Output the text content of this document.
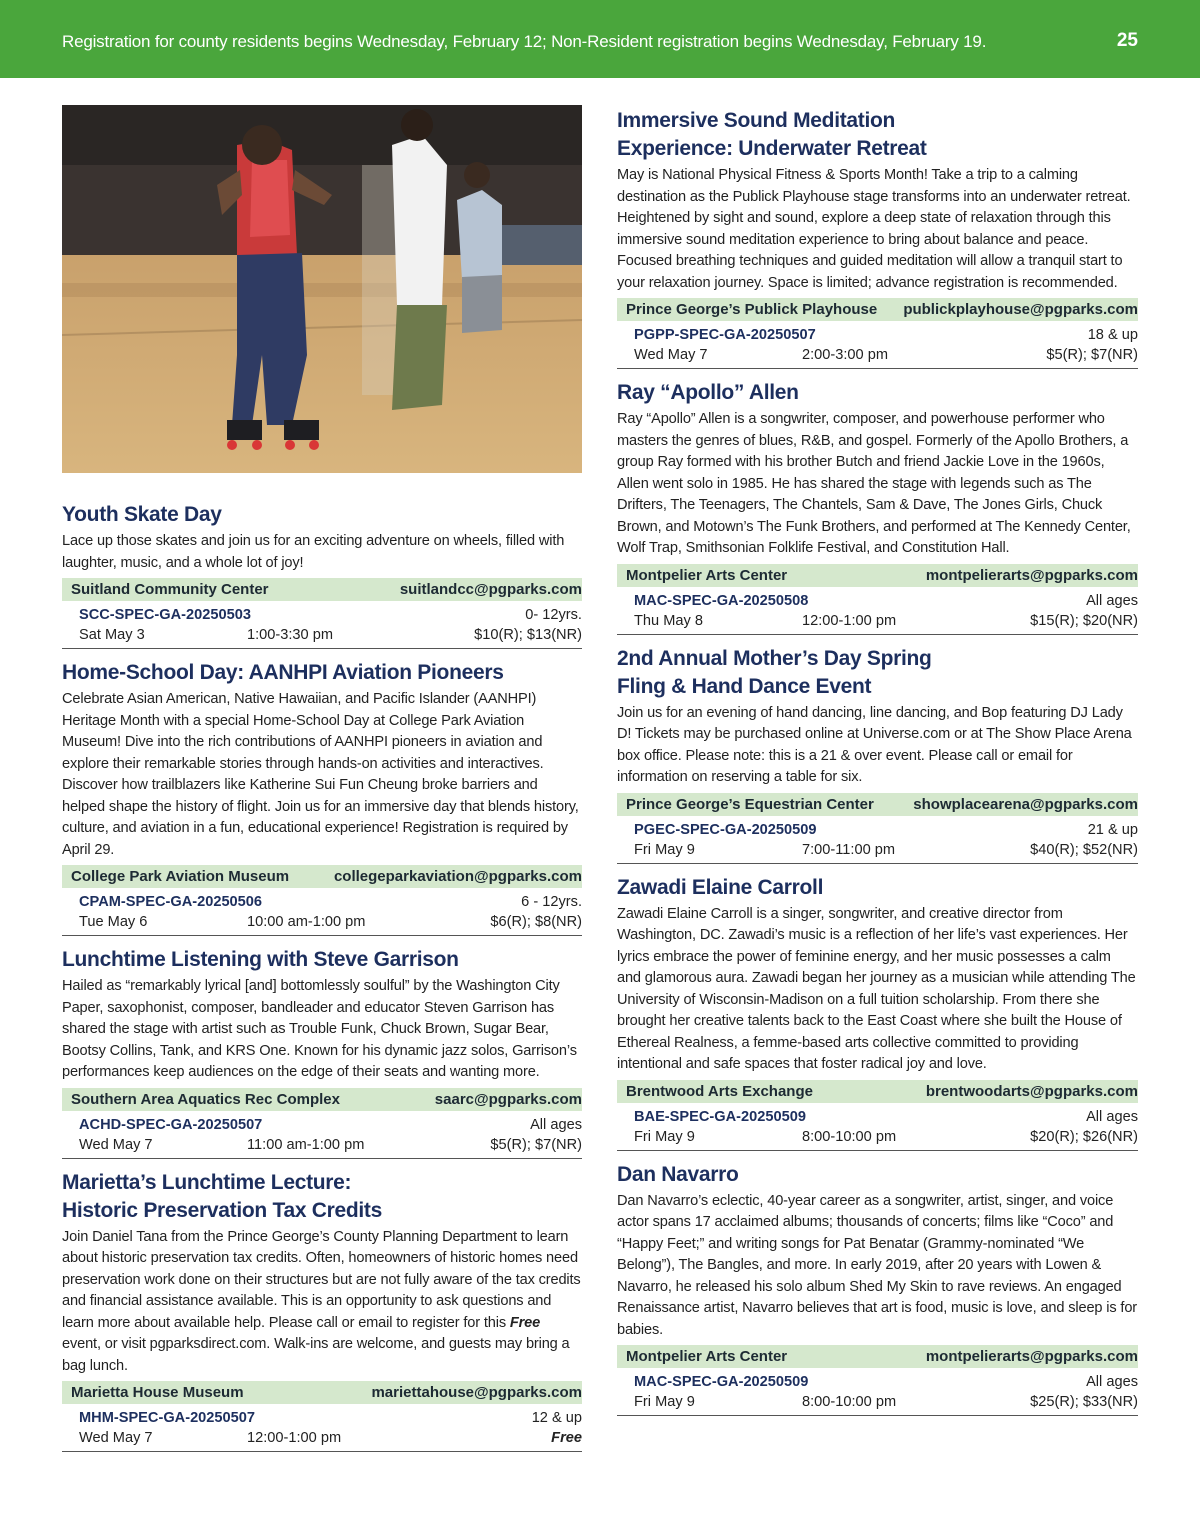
Registration for county residents begins Wednesday, February 12; Non-Resident registration begins Wednesday, February 19.	25
Youth Skate Day

Lace up those skates and join us for an exciting adventure on wheels, filled with laughter, music, and a whole lot of joy!

Suitland Community Center	suitlandcc@pgparks.com
SCC-SPEC-GA-20250503	0- 12yrs.
Sat May 3	1:00-3:30 pm	$10(R); $13(NR)
Home-School Day: AANHPI Aviation Pioneers

Celebrate Asian American, Native Hawaiian, and Pacific Islander (AANHPI) Heritage Month with a special Home-School Day at College Park Aviation Museum! Dive into the rich contributions of AANHPI pioneers in aviation and explore their remarkable stories through hands-on activities and interactives. Discover how trailblazers like Katherine Sui Fun Cheung broke barriers and helped shape the history of flight. Join us for an immersive day that blends history, culture, and aviation in a fun, educational experience! Registration is required by April 29.

College Park Aviation Museum	collegeparkaviation@pgparks.com
CPAM-SPEC-GA-20250506	6 - 12yrs.
Tue May 6	10:00 am-1:00 pm	$6(R); $8(NR)
Lunchtime Listening with Steve Garrison

Hailed as “remarkably lyrical [and] bottomlessly soulful” by the Washington City Paper, saxophonist, composer, bandleader and educator Steven Garrison has shared the stage with artist such as Trouble Funk, Chuck Brown, Sugar Bear, Bootsy Collins, Tank, and KRS One. Known for his dynamic jazz solos, Garrison’s performances keep audiences on the edge of their seats and wanting more.

Southern Area Aquatics Rec Complex	saarc@pgparks.com
ACHD-SPEC-GA-20250507	All ages
Wed May 7	11:00 am-1:00 pm	$5(R); $7(NR)
Marietta’s Lunchtime Lecture:
Historic Preservation Tax Credits

Join Daniel Tana from the Prince George’s County Planning Department to learn about historic preservation tax credits. Often, homeowners of historic homes need preservation work done on their structures but are not fully aware of the tax credits and financial assistance available. This is an opportunity to ask questions and learn more about available help. Please call or email to register for this Free event, or visit pgparksdirect.com. Walk-ins are welcome, and guests may bring a bag lunch.

Marietta House Museum	mariettahouse@pgparks.com
MHM-SPEC-GA-20250507	12 & up
Wed May 7	12:00-1:00 pm	Free
Immersive Sound Meditation
Experience: Underwater Retreat

May is National Physical Fitness & Sports Month! Take a trip to a calming destination as the Publick Playhouse stage transforms into an underwater retreat. Heightened by sight and sound, explore a deep state of relaxation through this immersive sound meditation experience to bring about balance and peace. Focused breathing techniques and guided meditation will allow a tranquil start to your relaxation journey. Space is limited; advance registration is recommended.

Prince George’s Publick Playhouse publickplayhouse@pgparks.com
PGPP-SPEC-GA-20250507	18 & up
Wed May 7	2:00-3:00 pm	$5(R); $7(NR)
Ray “Apollo” Allen

Ray “Apollo” Allen is a songwriter, composer, and powerhouse performer who masters the genres of blues, R&B, and gospel. Formerly of the Apollo Brothers, a group Ray formed with his brother Butch and friend Jackie Love in the 1960s, Allen went solo in 1985. He has shared the stage with legends such as The Drifters, The Teenagers, The Chantels, Sam & Dave, The Jones Girls, Chuck Brown, and Motown’s The Funk Brothers, and performed at The Kennedy Center, Wolf Trap, Smithsonian Folklife Festival, and Constitution Hall.

Montpelier Arts Center	montpelierarts@pgparks.com
MAC-SPEC-GA-20250508	All ages
Thu May 8	12:00-1:00 pm	$15(R); $20(NR)
2nd Annual Mother’s Day Spring
Fling & Hand Dance Event

Join us for an evening of hand dancing, line dancing, and Bop featuring DJ Lady D! Tickets may be purchased online at Universe.com or at The Show Place Arena box office. Please note: this is a 21 & over event. Please call or email for information on reserving a table for six.

Prince George’s Equestrian Center	showplacearena@pgparks.com
PGEC-SPEC-GA-20250509	21 & up
Fri May 9	7:00-11:00 pm	$40(R); $52(NR)
Zawadi Elaine Carroll

Zawadi Elaine Carroll is a singer, songwriter, and creative director from Washington, DC. Zawadi’s music is a reflection of her life’s vast experiences. Her lyrics embrace the power of feminine energy, and her music possesses a calm and glamorous aura. Zawadi began her journey as a musician while attending The University of Wisconsin-Madison on a full tuition scholarship. From there she brought her creative talents back to the East Coast where she built the House of Ethereal Realness, a femme-based arts collective committed to providing intentional and safe spaces that foster radical joy and love.

Brentwood Arts Exchange	brentwoodarts@pgparks.com
BAE-SPEC-GA-20250509	All ages
Fri May 9	8:00-10:00 pm	$20(R); $26(NR)
Dan Navarro

Dan Navarro’s eclectic, 40-year career as a songwriter, artist, singer, and voice actor spans 17 acclaimed albums; thousands of concerts; films like “Coco” and “Happy Feet;” and writing songs for Pat Benatar (Grammy-nominated “We Belong”), The Bangles, and more. In early 2019, after 20 years with Lowen & Navarro, he released his solo album Shed My Skin to rave reviews. An engaged Renaissance artist, Navarro believes that art is food, music is love, and sleep is for babies.

Montpelier Arts Center	montpelierarts@pgparks.com
MAC-SPEC-GA-20250509	All ages
Fri May 9	8:00-10:00 pm	$25(R); $33(NR)
